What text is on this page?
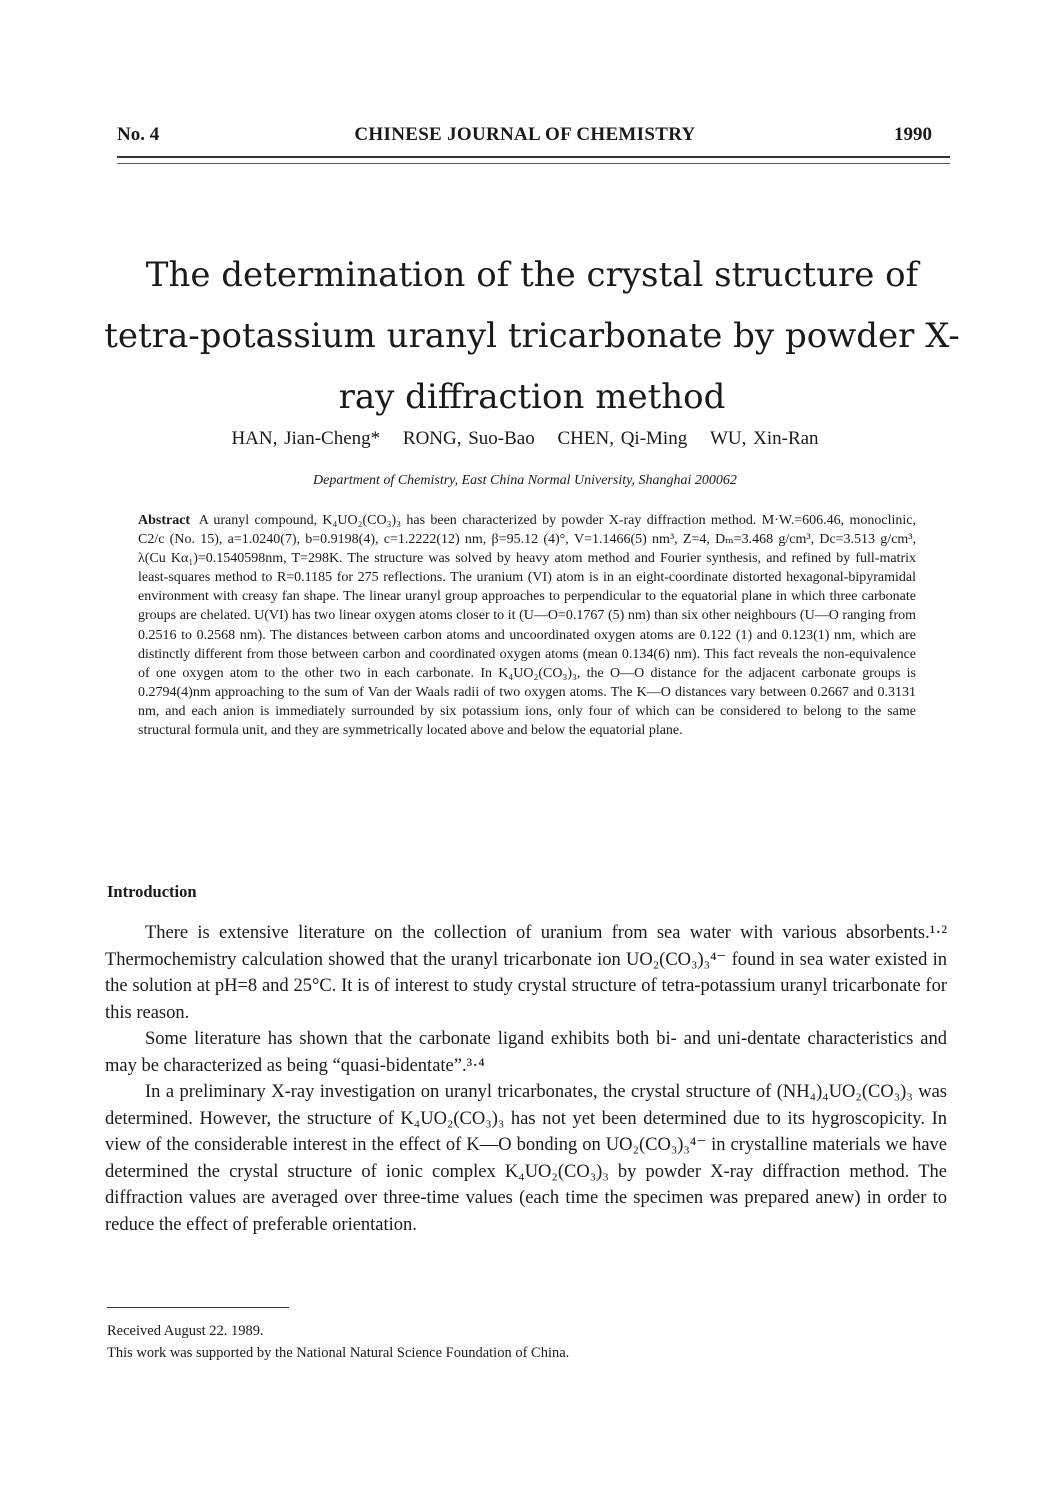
CHINESE JOURNAL OF CHEMISTRY
No. 4	1990
The determination of the crystal structure of tetra-potassium uranyl tricarbonate by powder X-ray diffraction method
HAN, Jian-Cheng* RONG, Suo-Bao CHEN, Qi-Ming WU, Xin-Ran
Department of Chemistry, East China Normal University, Shanghai 200062
Abstract A uranyl compound, K₄UO₂(CO₃)₃ has been characterized by powder X-ray diffraction method. M·W.=606.46, monoclinic, C2/c (No. 15), a=1.0240(7), b=0.9198(4), c=1.2222(12) nm, β=95.12 (4)°, V=1.1466(5) nm³, Z=4, Dₘ=3.468 g/cm³, Dc=3.513 g/cm³, λ(Cu Kα₁)=0.1540598nm, T=298K. The structure was solved by heavy atom method and Fourier synthesis, and refined by full-matrix least-squares method to R=0.1185 for 275 reflections. The uranium (VI) atom is in an eight-coordinate distorted hexagonal-bipyramidal environment with creasy fan shape. The linear uranyl group approaches to perpendicular to the equatorial plane in which three carbonate groups are chelated. U(VI) has two linear oxygen atoms closer to it (U—O=0.1767 (5) nm) than six other neighbours (U—O ranging from 0.2516 to 0.2568 nm). The distances between carbon atoms and uncoordinated oxygen atoms are 0.122 (1) and 0.123(1) nm, which are distinctly different from those between carbon and coordinated oxygen atoms (mean 0.134(6) nm). This fact reveals the non-equivalence of one oxygen atom to the other two in each carbonate. In K₄UO₂(CO₃)₃, the O—O distance for the adjacent carbonate groups is 0.2794(4)nm approaching to the sum of Van der Waals radii of two oxygen atoms. The K—O distances vary between 0.2667 and 0.3131 nm, and each anion is immediately surrounded by six potassium ions, only four of which can be considered to belong to the same structural formula unit, and they are symmetrically located above and below the equatorial plane.
Introduction

There is extensive literature on the collection of uranium from sea water with various absorbents.¹·² Thermochemistry calculation showed that the uranyl tricarbonate ion UO₂(CO₃)₃⁴⁻ found in sea water existed in the solution at pH=8 and 25°C. It is of interest to study crystal structure of tetra-potassium uranyl tricarbonate for this reason.

Some literature has shown that the carbonate ligand exhibits both bi- and uni-dentate characteristics and may be characterized as being “quasi-bidentate”.³·⁴

In a preliminary X-ray investigation on uranyl tricarbonates, the crystal structure of (NH₄)₄UO₂(CO₃)₃ was determined. However, the structure of K₄UO₂(CO₃)₃ has not yet been determined due to its hygroscopicity. In view of the considerable interest in the effect of K—O bonding on UO₂(CO₃)₃⁴⁻ in crystalline materials we have determined the crystal structure of ionic complex K₄UO₂(CO₃)₃ by powder X-ray diffraction method. The diffraction values are averaged over three-time values (each time the specimen was prepared anew) in order to reduce the effect of preferable orientation.

Received August 22. 1989.
This work was supported by the National Natural Science Foundation of China.
